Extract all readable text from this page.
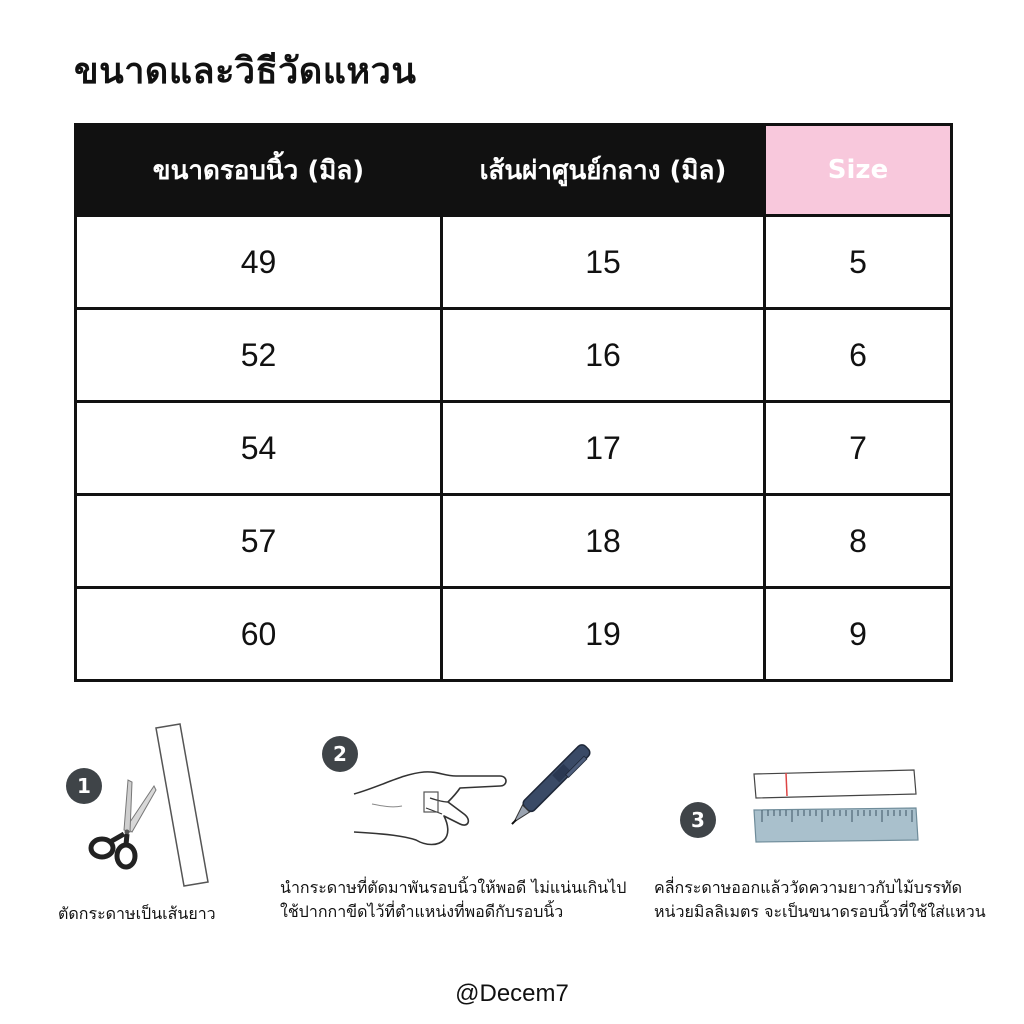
ขนาดและวิธีวัดแหวน
ขนาดรอบนิ้ว (มิล)	เส้นผ่าศูนย์กลาง (มิล)	Size
49	15	5
52	16	6
54	17	7
57	18	8
60	19	9
1
ตัดกระดาษเป็นเส้นยาว
2
นำกระดาษที่ตัดมาพันรอบนิ้วให้พอดี ไม่แน่นเกินไป
ใช้ปากกาขีดไว้ที่ตำแหน่งที่พอดีกับรอบนิ้ว
3
คลี่กระดาษออกแล้ววัดความยาวกับไม้บรรทัด
หน่วยมิลลิเมตร จะเป็นขนาดรอบนิ้วที่ใช้ใส่แหวน
@Decem7
